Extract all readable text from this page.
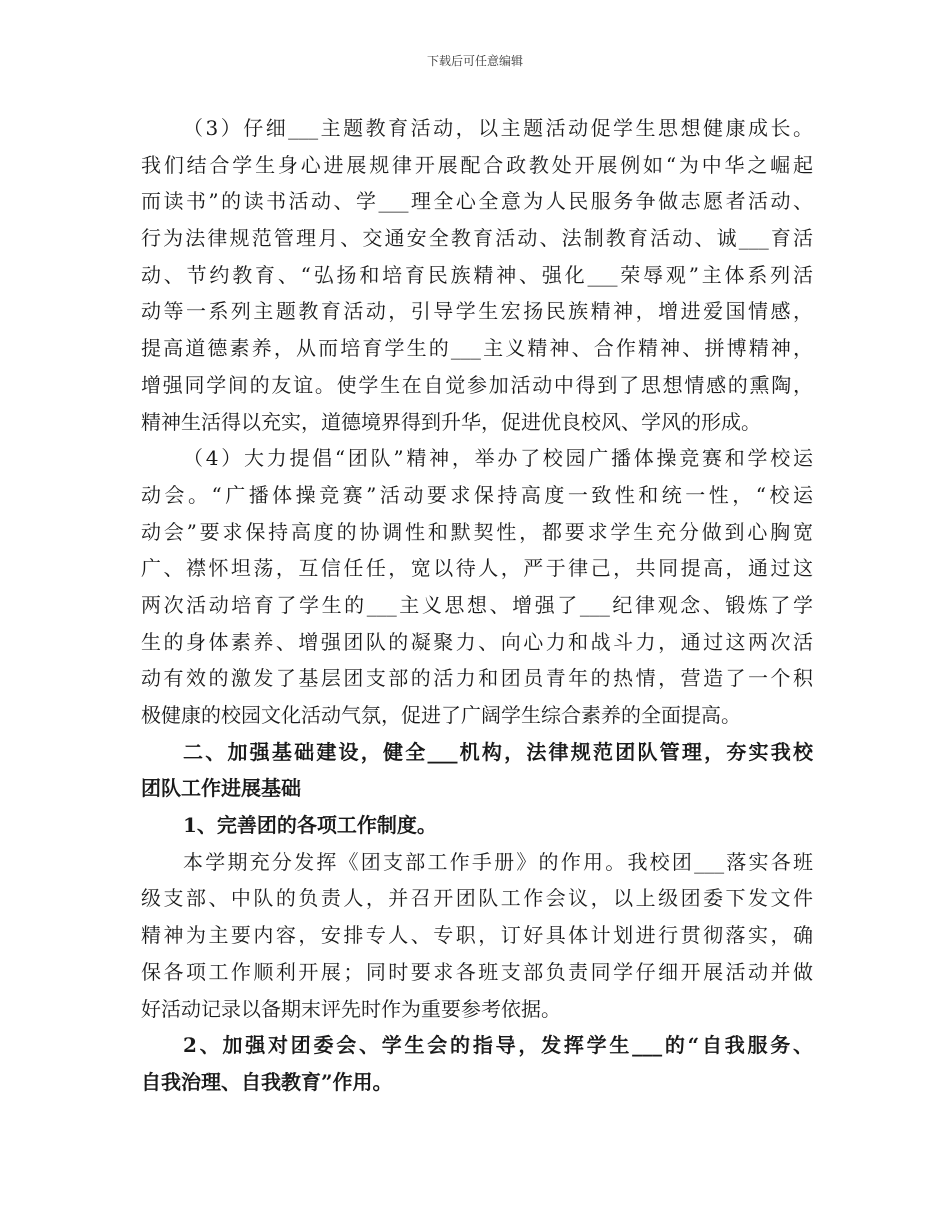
下载后可任意编辑
（3）仔细___主题教育活动，以主题活动促学生思想健康成长。
我们结合学生身心进展规律开展配合政教处开展例如“为中华之崛起
而读书”的读书活动、学___理全心全意为人民服务争做志愿者活动、
行为法律规范管理月、交通安全教育活动、法制教育活动、诚___育活
动、节约教育、“弘扬和培育民族精神、强化___荣辱观”主体系列活
动等一系列主题教育活动，引导学生宏扬民族精神，增进爱国情感，
提高道德素养，从而培育学生的___主义精神、合作精神、拼博精神，
增强同学间的友谊。使学生在自觉参加活动中得到了思想情感的熏陶，
精神生活得以充实，道德境界得到升华，促进优良校风、学风的形成。
（4）大力提倡“团队”精神，举办了校园广播体操竞赛和学校运
动会。“广播体操竞赛”活动要求保持高度一致性和统一性，“校运
动会”要求保持高度的协调性和默契性，都要求学生充分做到心胸宽
广、襟怀坦荡，互信任任，宽以待人，严于律己，共同提高，通过这
两次活动培育了学生的___主义思想、增强了___纪律观念、锻炼了学
生的身体素养、增强团队的凝聚力、向心力和战斗力，通过这两次活
动有效的激发了基层团支部的活力和团员青年的热情，营造了一个积
极健康的校园文化活动气氛，促进了广阔学生综合素养的全面提高。
二、加强基础建设，健全___机构，法律规范团队管理，夯实我校
团队工作进展基础
1、完善团的各项工作制度。
本学期充分发挥《团支部工作手册》的作用。我校团___落实各班
级支部、中队的负责人，并召开团队工作会议，以上级团委下发文件
精神为主要内容，安排专人、专职，订好具体计划进行贯彻落实，确
保各项工作顺利开展；同时要求各班支部负责同学仔细开展活动并做
好活动记录以备期末评先时作为重要参考依据。
2、加强对团委会、学生会的指导，发挥学生___的“自我服务、
自我治理、自我教育”作用。
